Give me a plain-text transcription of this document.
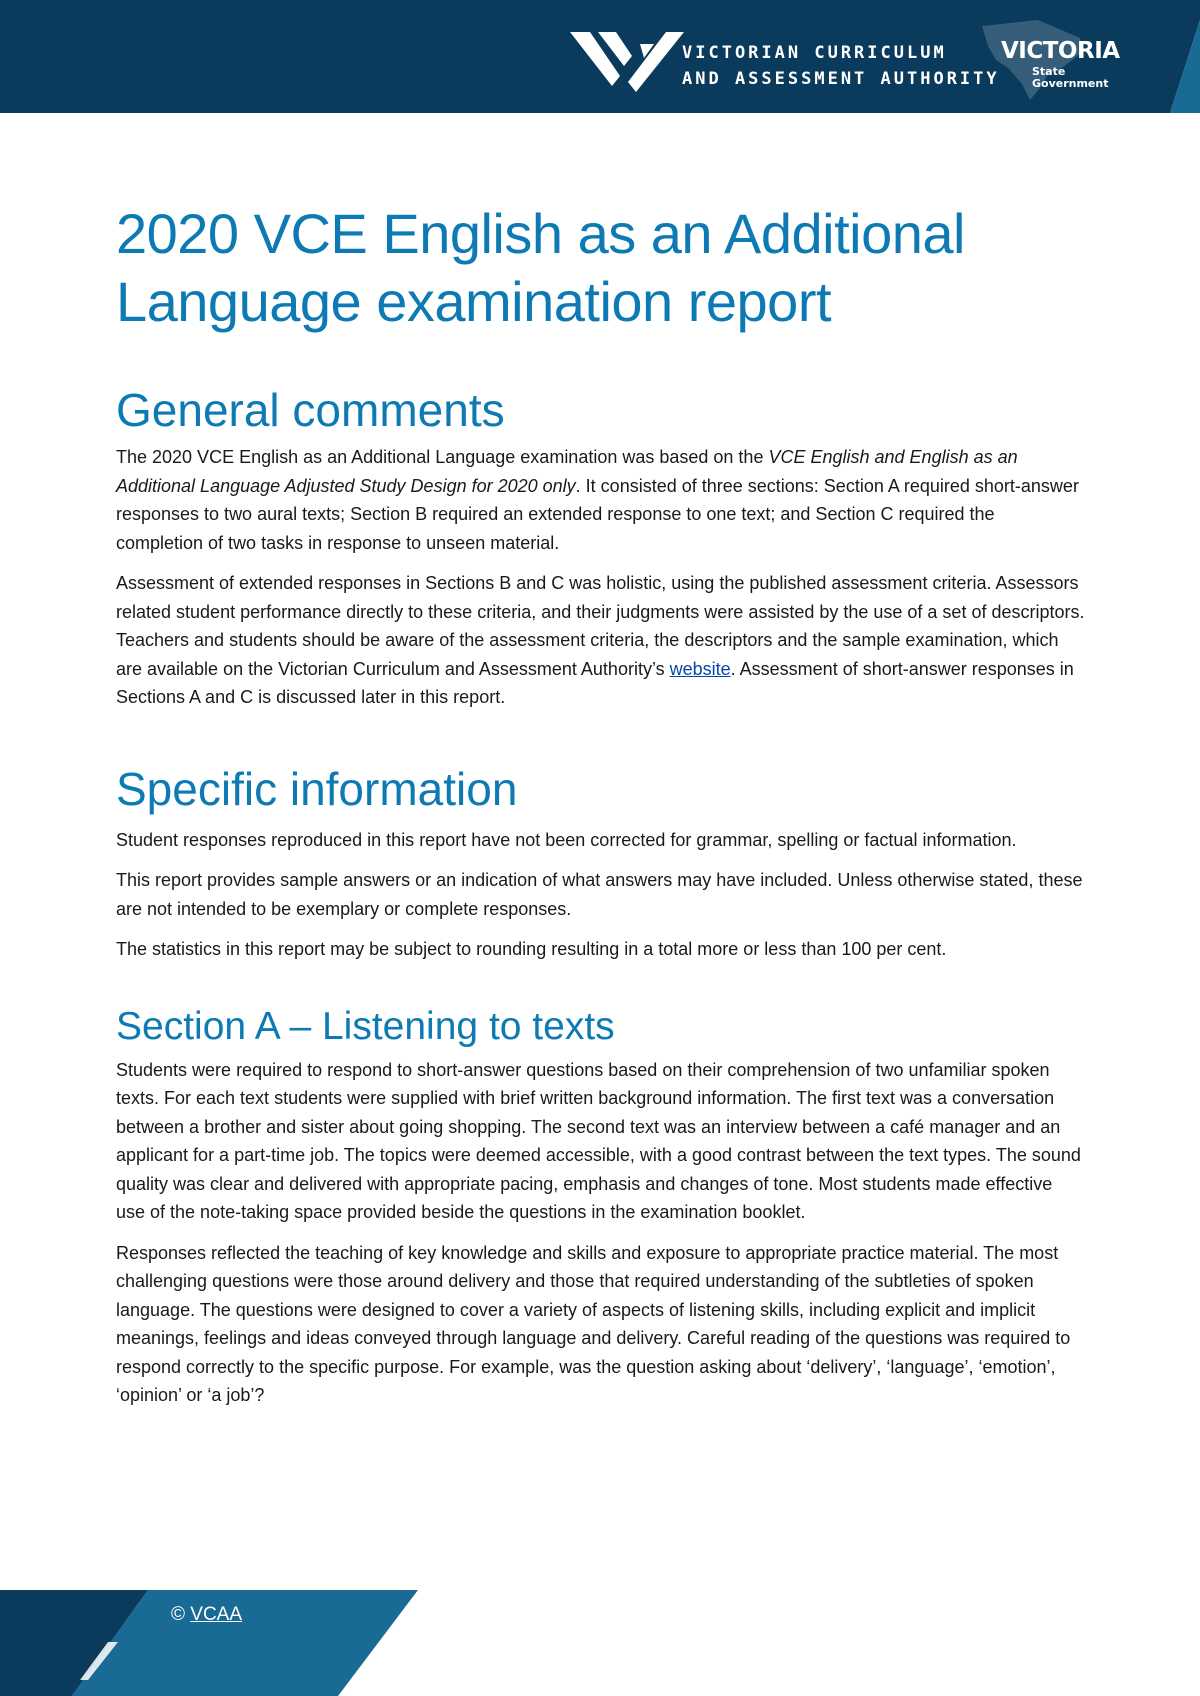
VICTORIAN CURRICULUM
AND ASSESSMENT AUTHORITY
VICTORIA
State
Government
2020 VCE English as an Additional Language examination report
General comments

The 2020 VCE English as an Additional Language examination was based on the VCE English and English as an Additional Language Adjusted Study Design for 2020 only. It consisted of three sections: Section A required short-answer responses to two aural texts; Section B required an extended response to one text; and Section C required the completion of two tasks in response to unseen material.

Assessment of extended responses in Sections B and C was holistic, using the published assessment criteria. Assessors related student performance directly to these criteria, and their judgments were assisted by the use of a set of descriptors. Teachers and students should be aware of the assessment criteria, the descriptors and the sample examination, which are available on the Victorian Curriculum and Assessment Authority’s website. Assessment of short-answer responses in Sections A and C is discussed later in this report.

Specific information

Student responses reproduced in this report have not been corrected for grammar, spelling or factual information.

This report provides sample answers or an indication of what answers may have included. Unless otherwise stated, these are not intended to be exemplary or complete responses.

The statistics in this report may be subject to rounding resulting in a total more or less than 100 per cent.

Section A – Listening to texts

Students were required to respond to short-answer questions based on their comprehension of two unfamiliar spoken texts. For each text students were supplied with brief written background information. The first text was a conversation between a brother and sister about going shopping. The second text was an interview between a café manager and an applicant for a part-time job. The topics were deemed accessible, with a good contrast between the text types. The sound quality was clear and delivered with appropriate pacing, emphasis and changes of tone. Most students made effective use of the note-taking space provided beside the questions in the examination booklet.

Responses reflected the teaching of key knowledge and skills and exposure to appropriate practice material. The most challenging questions were those around delivery and those that required understanding of the subtleties of spoken language. The questions were designed to cover a variety of aspects of listening skills, including explicit and implicit meanings, feelings and ideas conveyed through language and delivery. Careful reading of the questions was required to respond correctly to the specific purpose. For example, was the question asking about ‘delivery’, ‘language’, ‘emotion’, ‘opinion’ or ‘a job’?

© VCAA
